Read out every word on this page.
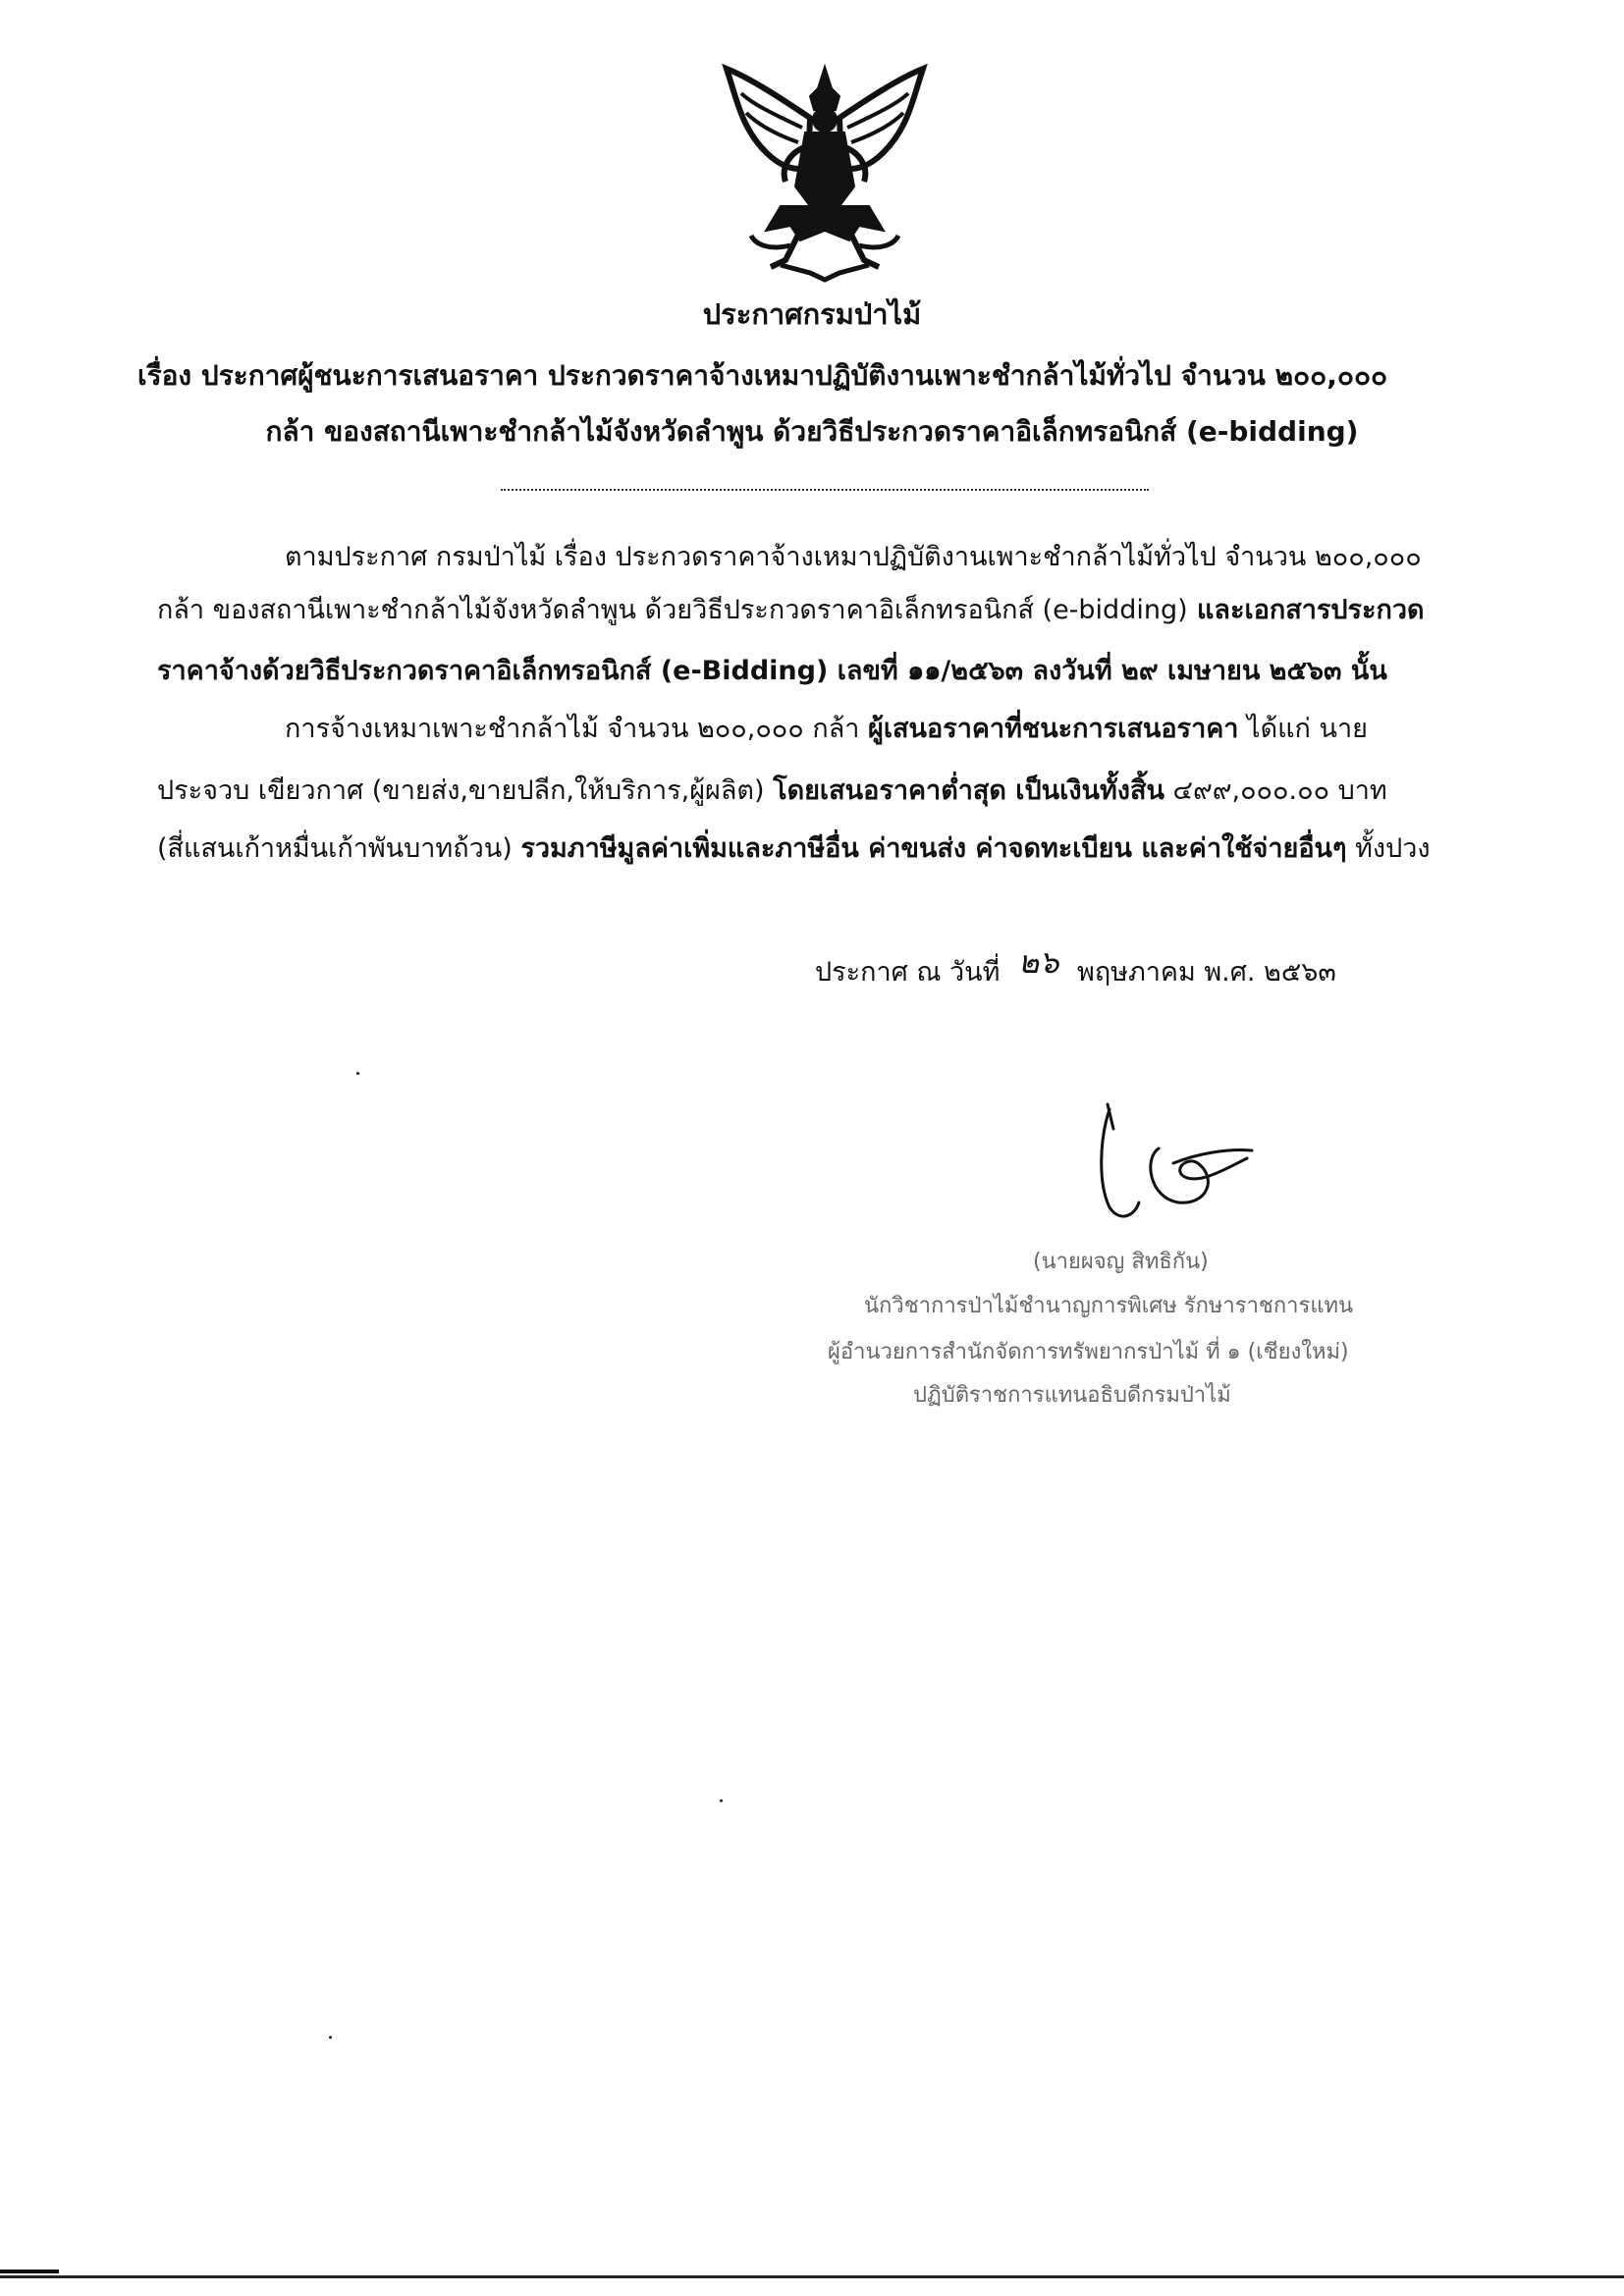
ประกาศกรมป่าไม้
เรื่อง ประกาศผู้ชนะการเสนอราคา ประกวดราคาจ้างเหมาปฏิบัติงานเพาะชำกล้าไม้ทั่วไป จำนวน ๒๐๐,๐๐๐
กล้า ของสถานีเพาะชำกล้าไม้จังหวัดลำพูน ด้วยวิธีประกวดราคาอิเล็กทรอนิกส์ (e-bidding)
ตามประกาศ กรมป่าไม้ เรื่อง ประกวดราคาจ้างเหมาปฏิบัติงานเพาะชำกล้าไม้ทั่วไป จำนวน ๒๐๐,๐๐๐
กล้า ของสถานีเพาะชำกล้าไม้จังหวัดลำพูน ด้วยวิธีประกวดราคาอิเล็กทรอนิกส์ (e-bidding) และเอกสารประกวด
ราคาจ้างด้วยวิธีประกวดราคาอิเล็กทรอนิกส์ (e-Bidding) เลขที่ ๑๑/๒๕๖๓ ลงวันที่ ๒๙ เมษายน ๒๕๖๓ นั้น
การจ้างเหมาเพาะชำกล้าไม้ จำนวน ๒๐๐,๐๐๐ กล้า ผู้เสนอราคาที่ชนะการเสนอราคา ได้แก่ นาย
ประจวบ เขียวกาศ (ขายส่ง,ขายปลีก,ให้บริการ,ผู้ผลิต) โดยเสนอราคาต่ำสุด เป็นเงินทั้งสิ้น ๔๙๙,๐๐๐.๐๐ บาท
(สี่แสนเก้าหมื่นเก้าพันบาทถ้วน) รวมภาษีมูลค่าเพิ่มและภาษีอื่น ค่าขนส่ง ค่าจดทะเบียน และค่าใช้จ่ายอื่นๆ ทั้งปวง
ประกาศ ณ วันที่ ๒๖ พฤษภาคม พ.ศ. ๒๕๖๓
(นายผจญ สิทธิกัน)
นักวิชาการป่าไม้ชำนาญการพิเศษ รักษาราชการแทน
ผู้อำนวยการสำนักจัดการทรัพยากรป่าไม้ ที่ ๑ (เชียงใหม่)
ปฏิบัติราชการแทนอธิบดีกรมป่าไม้
